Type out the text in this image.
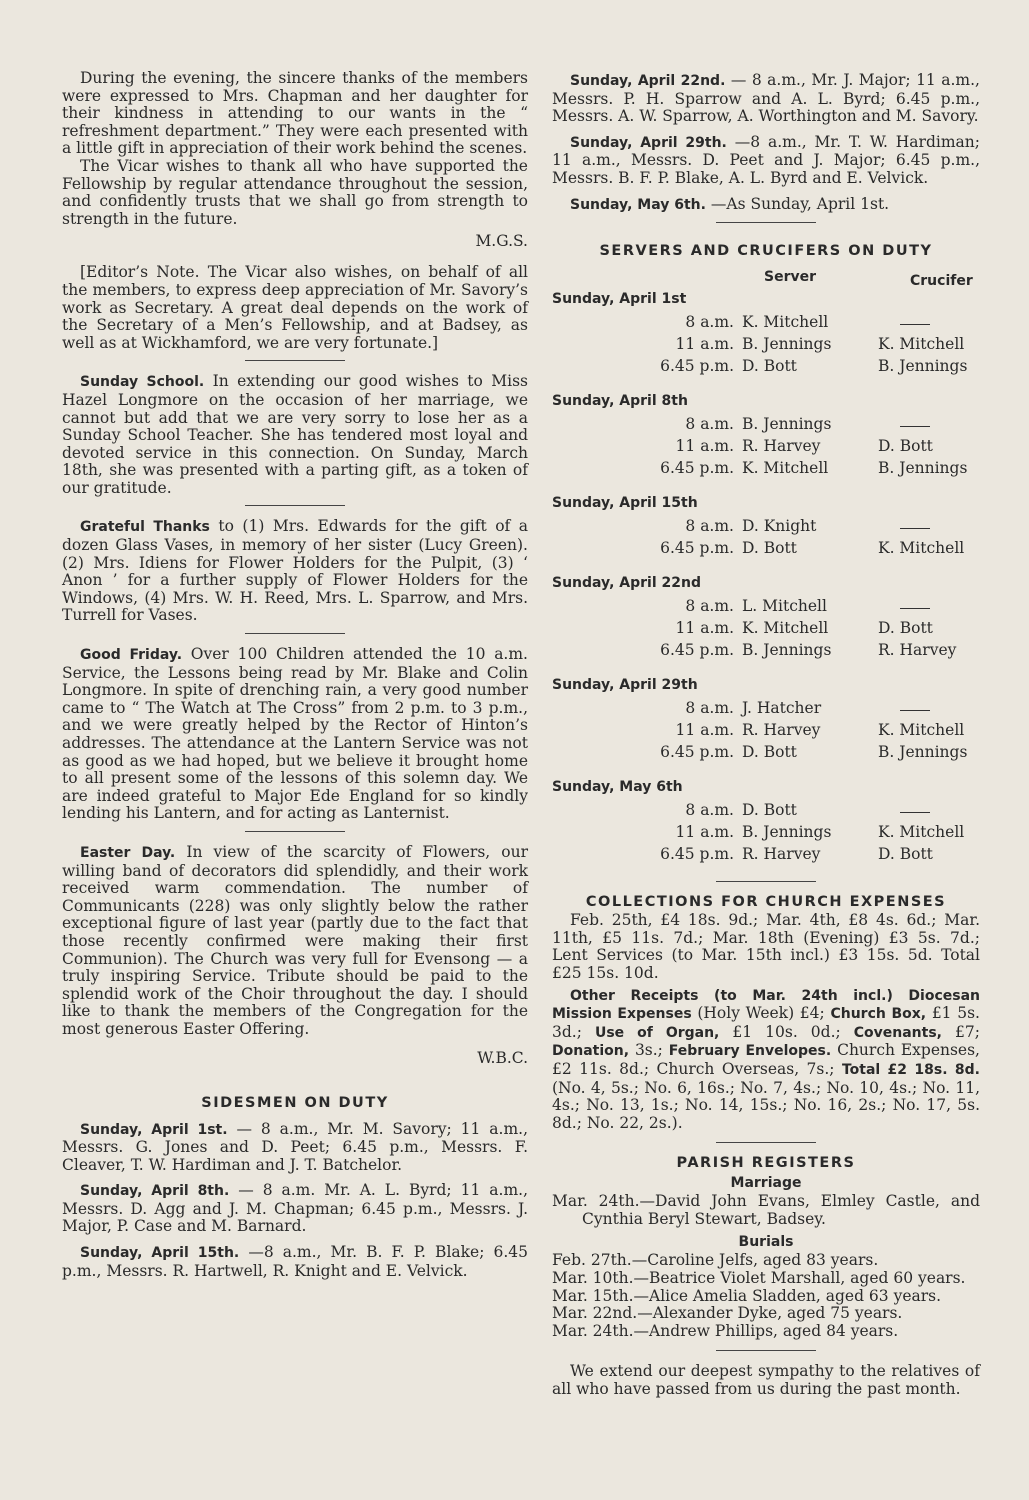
During the evening, the sincere thanks of the members were expressed to Mrs. Chapman and her daughter for their kindness in attending to our wants in the “ refreshment department.” They were each presented with a little gift in appreciation of their work behind the scenes.

The Vicar wishes to thank all who have supported the Fellowship by regular attendance throughout the session, and confidently trusts that we shall go from strength to strength in the future.

M.G.S.

[Editor’s Note. The Vicar also wishes, on behalf of all the members, to express deep appreciation of Mr. Savory’s work as Secretary. A great deal depends on the work of the Secretary of a Men’s Fellowship, and at Badsey, as well as at Wickhamford, we are very fortunate.]

Sunday School. In extending our good wishes to Miss Hazel Longmore on the occasion of her marriage, we cannot but add that we are very sorry to lose her as a Sunday School Teacher. She has tendered most loyal and devoted service in this connection. On Sunday, March 18th, she was presented with a parting gift, as a token of our gratitude.

Grateful Thanks to (1) Mrs. Edwards for the gift of a dozen Glass Vases, in memory of her sister (Lucy Green). (2) Mrs. Idiens for Flower Holders for the Pulpit, (3) ‘ Anon ’ for a further supply of Flower Holders for the Windows, (4) Mrs. W. H. Reed, Mrs. L. Sparrow, and Mrs. Turrell for Vases.

Good Friday. Over 100 Children attended the 10 a.m. Service, the Lessons being read by Mr. Blake and Colin Longmore. In spite of drenching rain, a very good number came to “ The Watch at The Cross” from 2 p.m. to 3 p.m., and we were greatly helped by the Rector of Hinton’s addresses. The attendance at the Lantern Service was not as good as we had hoped, but we believe it brought home to all present some of the lessons of this solemn day. We are indeed grateful to Major Ede England for so kindly lending his Lantern, and for acting as Lanternist.

Easter Day. In view of the scarcity of Flowers, our willing band of decorators did splendidly, and their work received warm commendation. The number of Communicants (228) was only slightly below the rather exceptional figure of last year (partly due to the fact that those recently confirmed were making their first Communion). The Church was very full for Evensong — a truly inspiring Service. Tribute should be paid to the splendid work of the Choir throughout the day. I should like to thank the members of the Congregation for the most generous Easter Offering.

W.B.C.
SIDESMEN ON DUTY

Sunday, April 1st. — 8 a.m., Mr. M. Savory; 11 a.m., Messrs. G. Jones and D. Peet; 6.45 p.m., Messrs. F. Cleaver, T. W. Hardiman and J. T. Batchelor.

Sunday, April 8th. — 8 a.m. Mr. A. L. Byrd; 11 a.m., Messrs. D. Agg and J. M. Chapman; 6.45 p.m., Messrs. J. Major, P. Case and M. Barnard.

Sunday, April 15th. —8 a.m., Mr. B. F. P. Blake; 6.45 p.m., Messrs. R. Hartwell, R. Knight and E. Velvick.

Sunday, April 22nd. — 8 a.m., Mr. J. Major; 11 a.m., Messrs. P. H. Sparrow and A. L. Byrd; 6.45 p.m., Messrs. A. W. Sparrow, A. Worthington and M. Savory.

Sunday, April 29th. —8 a.m., Mr. T. W. Hardiman; 11 a.m., Messrs. D. Peet and J. Major; 6.45 p.m., Messrs. B. F. P. Blake, A. L. Byrd and E. Velvick.

Sunday, May 6th. —As Sunday, April 1st.

SERVERS AND CRUCIFERS ON DUTY
Server	Crucifer
Sunday, April 1st
8 a.m. K. Mitchell
11 a.m. B. Jennings	K. Mitchell
6.45 p.m. D. Bott	B. Jennings
Sunday, April 8th
8 a.m. B. Jennings
11 a.m. R. Harvey	D. Bott
6.45 p.m. K. Mitchell	B. Jennings
Sunday, April 15th
8 a.m. D. Knight
6.45 p.m. D. Bott	K. Mitchell
Sunday, April 22nd
8 a.m. L. Mitchell
11 a.m. K. Mitchell	D. Bott
6.45 p.m. B. Jennings	R. Harvey
Sunday, April 29th
8 a.m. J. Hatcher
11 a.m. R. Harvey	K. Mitchell
6.45 p.m. D. Bott	B. Jennings
Sunday, May 6th
8 a.m. D. Bott
11 a.m. B. Jennings	K. Mitchell
6.45 p.m. R. Harvey	D. Bott
COLLECTIONS FOR CHURCH EXPENSES

Feb. 25th, £4 18s. 9d.; Mar. 4th, £8 4s. 6d.; Mar. 11th, £5 11s. 7d.; Mar. 18th (Evening) £3 5s. 7d.; Lent Services (to Mar. 15th incl.) £3 15s. 5d. Total £25 15s. 10d.

Other Receipts (to Mar. 24th incl.) Diocesan Mission Expenses (Holy Week) £4; Church Box, £1 5s. 3d.; Use of Organ, £1 10s. 0d.; Covenants, £7; Donation, 3s.; February Envelopes. Church Expenses, £2 11s. 8d.; Church Overseas, 7s.; Total £2 18s. 8d. (No. 4, 5s.; No. 6, 16s.; No. 7, 4s.; No. 10, 4s.; No. 11, 4s.; No. 13, 1s.; No. 14, 15s.; No. 16, 2s.; No. 17, 5s. 8d.; No. 22, 2s.).

PARISH REGISTERS
Marriage

Mar. 24th.—David John Evans, Elmley Castle, and Cynthia Beryl Stewart, Badsey.

Burials

Feb. 27th.—Caroline Jelfs, aged 83 years.

Mar. 10th.—Beatrice Violet Marshall, aged 60 years.

Mar. 15th.—Alice Amelia Sladden, aged 63 years.

Mar. 22nd.—Alexander Dyke, aged 75 years.

Mar. 24th.—Andrew Phillips, aged 84 years.

We extend our deepest sympathy to the relatives of all who have passed from us during the past month.
